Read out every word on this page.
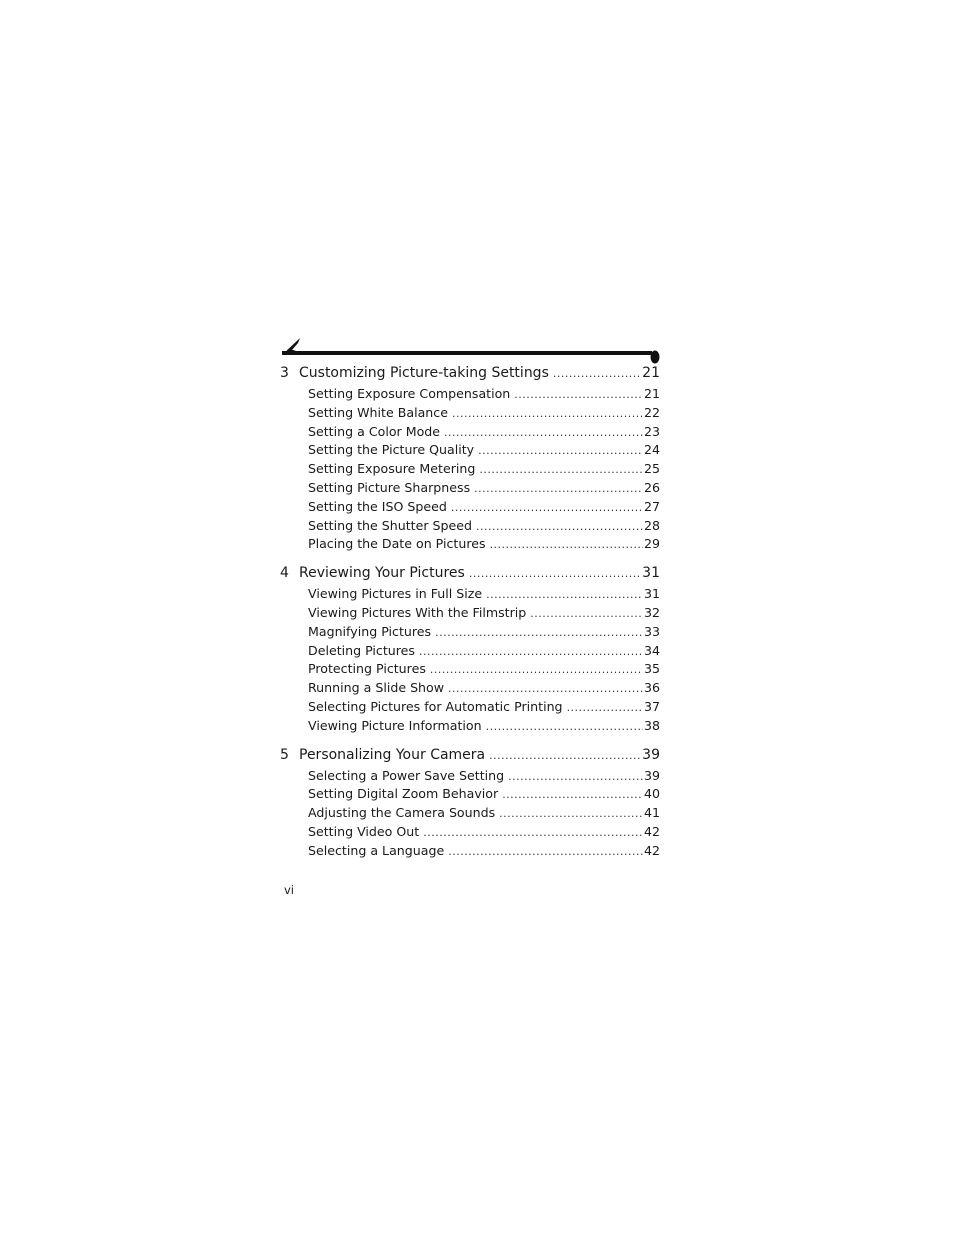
3 Customizing Picture-taking Settings .....	21
Setting Exposure Compensation .....	21
Setting White Balance .....	22
Setting a Color Mode .....	23
Setting the Picture Quality .....	24
Setting Exposure Metering .....	25
Setting Picture Sharpness .....	26
Setting the ISO Speed .....	27
Setting the Shutter Speed .....	28
Placing the Date on Pictures .....	29
4 Reviewing Your Pictures .....	31
Viewing Pictures in Full Size .....	31
Viewing Pictures With the Filmstrip .....	32
Magnifying Pictures .....	33
Deleting Pictures .....	34
Protecting Pictures .....	35
Running a Slide Show .....	36
Selecting Pictures for Automatic Printing .....	37
Viewing Picture Information .....	38
5 Personalizing Your Camera .....	39
Selecting a Power Save Setting .....	39
Setting Digital Zoom Behavior .....	40
Adjusting the Camera Sounds .....	41
Setting Video Out .....	42
Selecting a Language .....	42
vi
